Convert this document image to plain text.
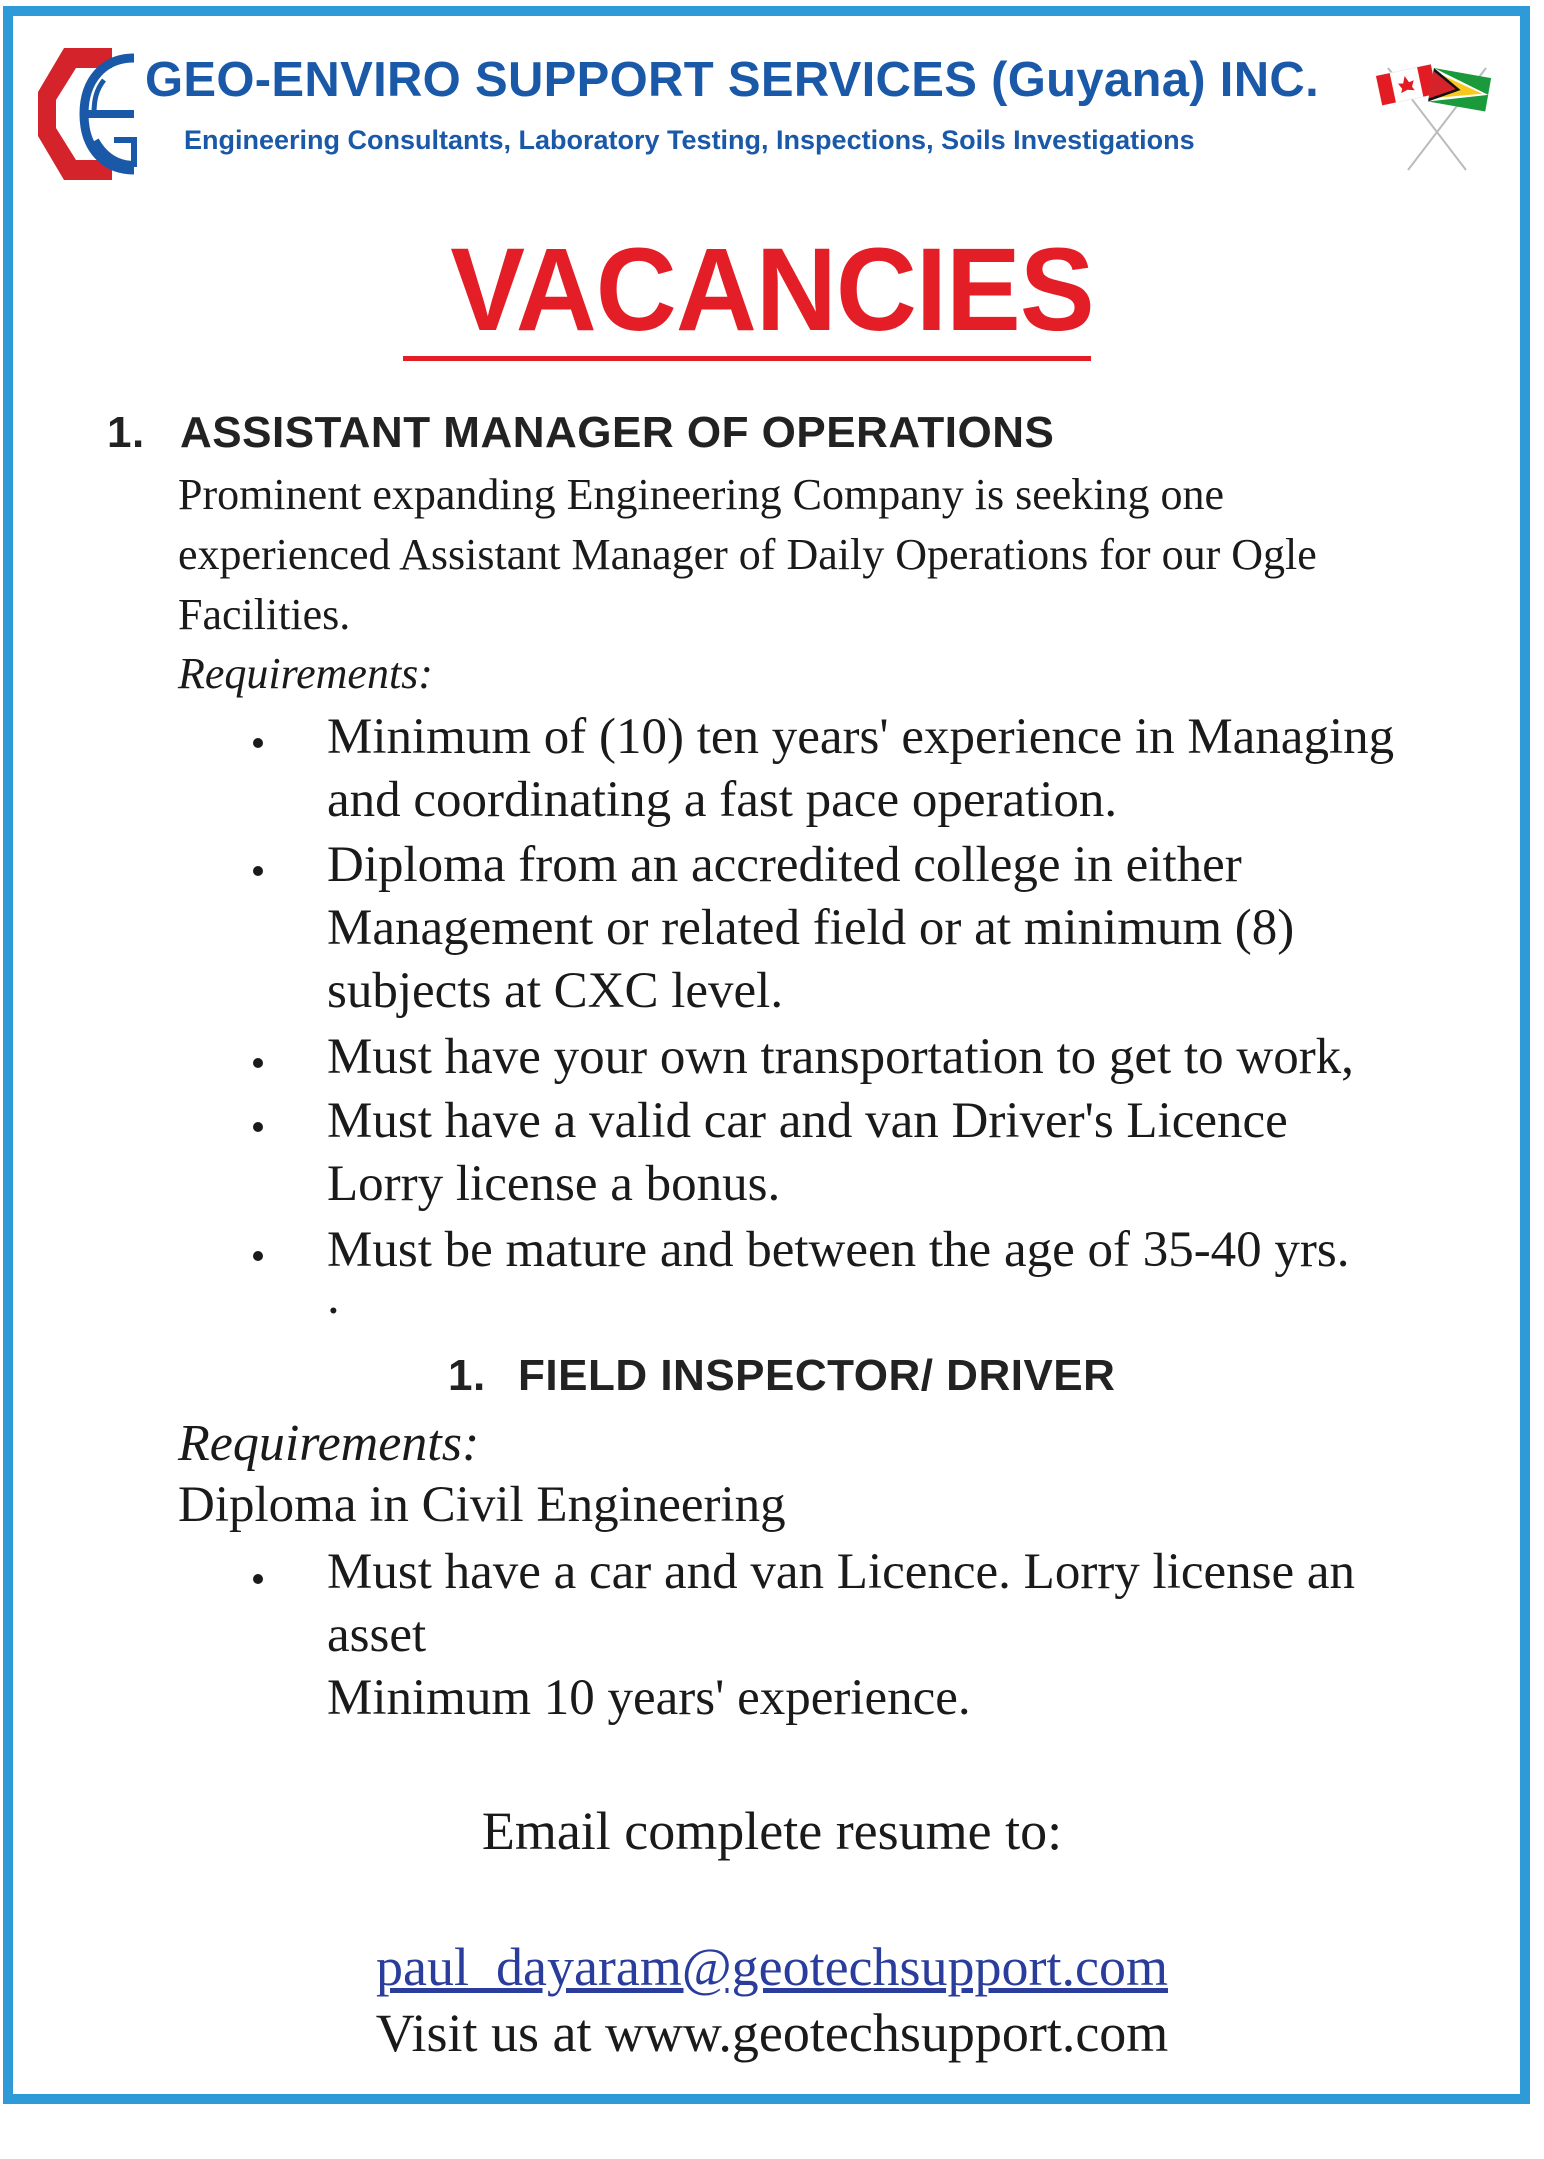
GEO-ENVIRO SUPPORT SERVICES (Guyana) INC.
Engineering Consultants, Laboratory Testing, Inspections, Soils Investigations
VACANCIES
1. ASSISTANT MANAGER OF OPERATIONS
Prominent expanding Engineering Company is seeking one
experienced Assistant Manager of Daily Operations for our Ogle
Facilities.
Requirements:
Minimum of (10) ten years' experience in Managing
and coordinating a fast pace operation.
Diploma from an accredited college in either
Management or related field or at minimum (8)
subjects at CXC level.
Must have your own transportation to get to work,
Must have a valid car and van Driver's Licence
Lorry license a bonus.
Must be mature and between the age of 35-40 yrs.
.
1. FIELD INSPECTOR/ DRIVER
Requirements:
Diploma in Civil Engineering
Must have a car and van Licence. Lorry license an
asset
Minimum 10 years' experience.
Email complete resume to:
paul_dayaram@geotechsupport.com
Visit us at www.geotechsupport.com
